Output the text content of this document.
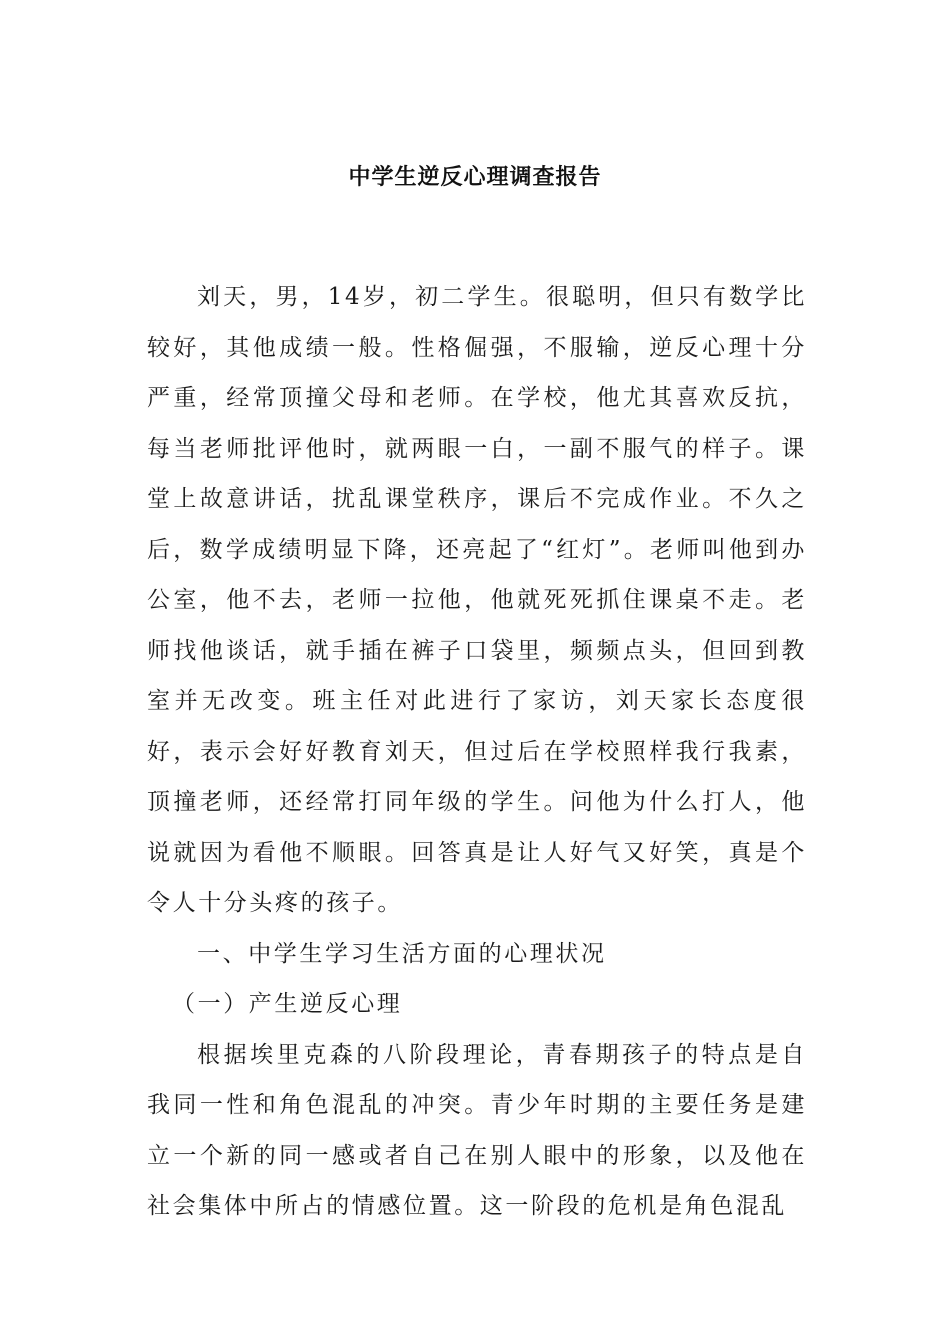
中学生逆反心理调查报告

刘天，男，14岁，初二学生。很聪明，但只有数学比较好，其他成绩一般。性格倔强，不服输，逆反心理十分严重，经常顶撞父母和老师。在学校，他尤其喜欢反抗，每当老师批评他时，就两眼一白，一副不服气的样子。课堂上故意讲话，扰乱课堂秩序，课后不完成作业。不久之后，数学成绩明显下降，还亮起了“红灯”。老师叫他到办公室，他不去，老师一拉他，他就死死抓住课桌不走。老师找他谈话，就手插在裤子口袋里，频频点头，但回到教室并无改变。班主任对此进行了家访，刘天家长态度很好，表示会好好教育刘天，但过后在学校照样我行我素，顶撞老师，还经常打同年级的学生。问他为什么打人，他说就因为看他不顺眼。回答真是让人好气又好笑，真是个令人十分头疼的孩子。

一、中学生学习生活方面的心理状况

（一）产生逆反心理

根据埃里克森的八阶段理论，青春期孩子的特点是自我同一性和角色混乱的冲突。青少年时期的主要任务是建立一个新的同一感或者自己在别人眼中的形象，以及他在社会集体中所占的情感位置。这一阶段的危机是角色混乱
